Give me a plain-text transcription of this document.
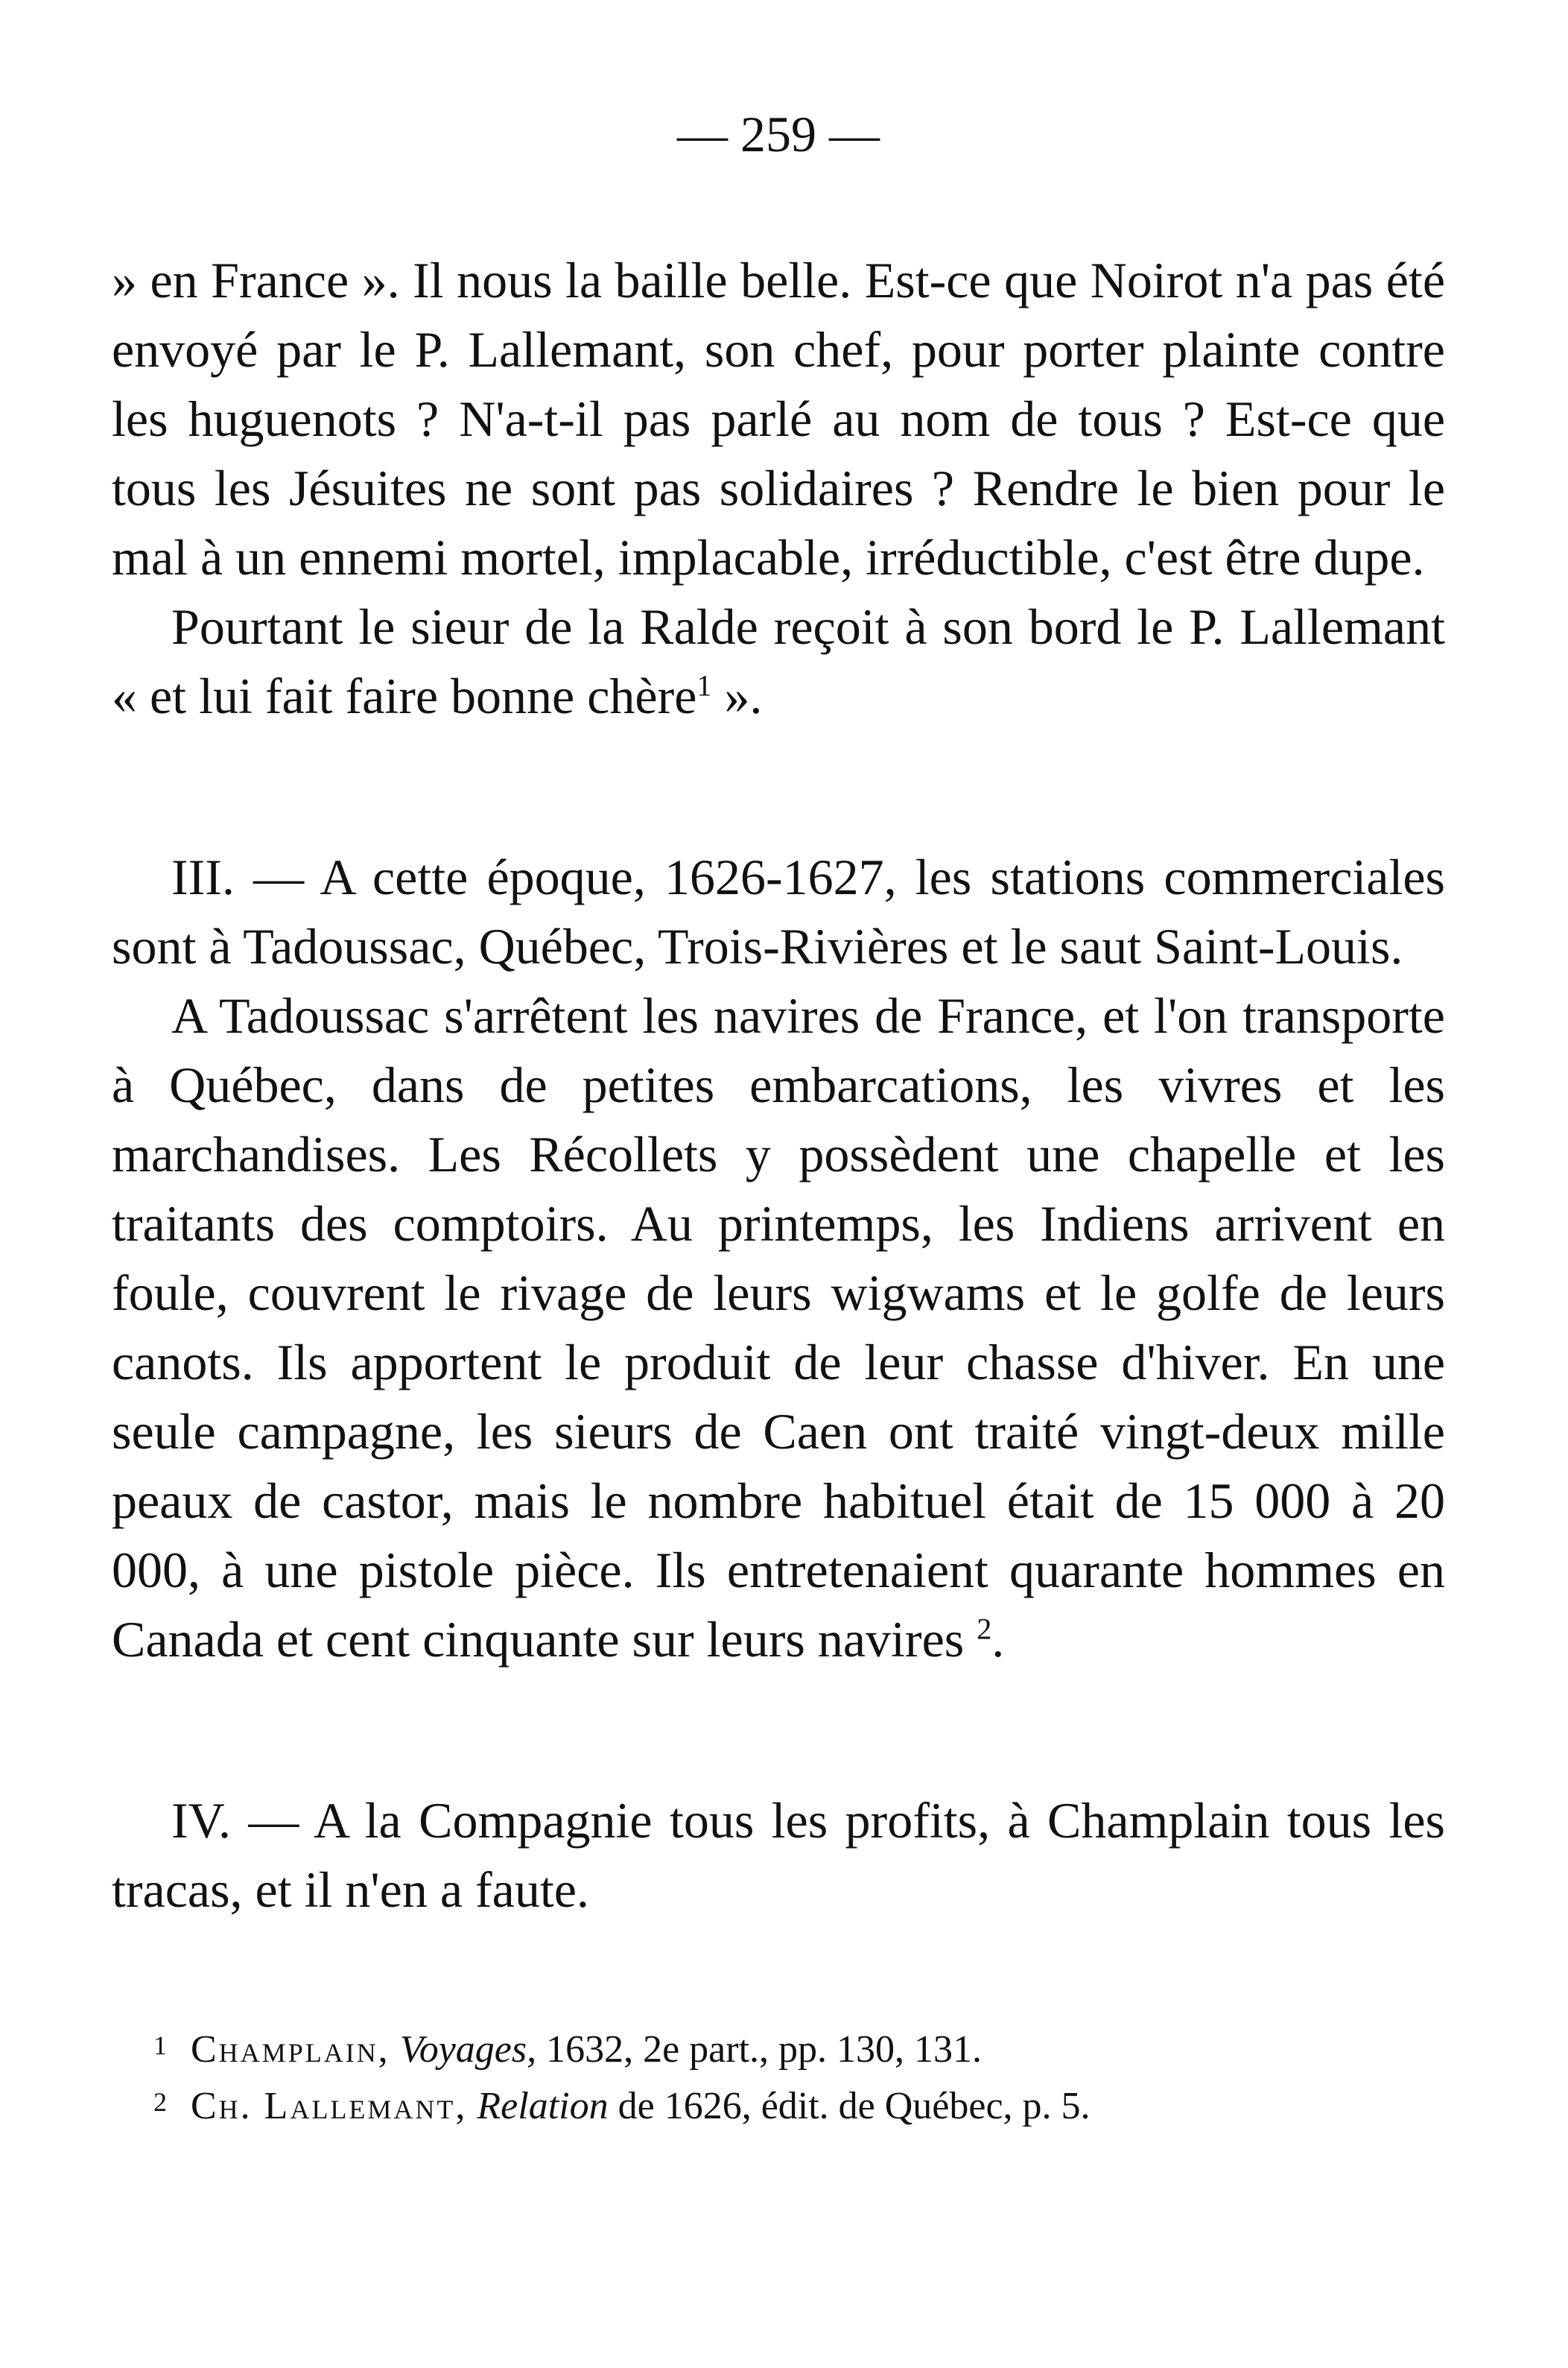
— 259 —

» en France ». Il nous la baille belle. Est-ce que Noirot n'a pas été envoyé par le P. Lallemant, son chef, pour porter plainte contre les huguenots ? N'a-t-il pas parlé au nom de tous ? Est-ce que tous les Jésuites ne sont pas solidaires ? Rendre le bien pour le mal à un ennemi mortel, implacable, irréductible, c'est être dupe.

Pourtant le sieur de la Ralde reçoit à son bord le P. Lallemant « et lui fait faire bonne chère$^1$ ».

III. — A cette époque, 1626-1627, les stations commerciales sont à Tadoussac, Québec, Trois-Rivières et le saut Saint-Louis.

A Tadoussac s'arrêtent les navires de France, et l'on transporte à Québec, dans de petites embarcations, les vivres et les marchandises. Les Récollets y possèdent une chapelle et les traitants des comptoirs. Au printemps, les Indiens arrivent en foule, couvrent le rivage de leurs wigwams et le golfe de leurs canots. Ils apportent le produit de leur chasse d'hiver. En une seule campagne, les sieurs de Caen ont traité vingt-deux mille peaux de castor, mais le nombre habituel était de 15 000 à 20 000, à une pistole pièce. Ils entretenaient quarante hommes en Canada et cent cinquante sur leurs navires $^2$.

IV. — A la Compagnie tous les profits, à Champlain tous les tracas, et il n'en a faute.

1 Champlain, Voyages, 1632, 2e part., pp. 130, 131.

2 Ch. Lallemant, Relation de 1626, édit. de Québec, p. 5.
